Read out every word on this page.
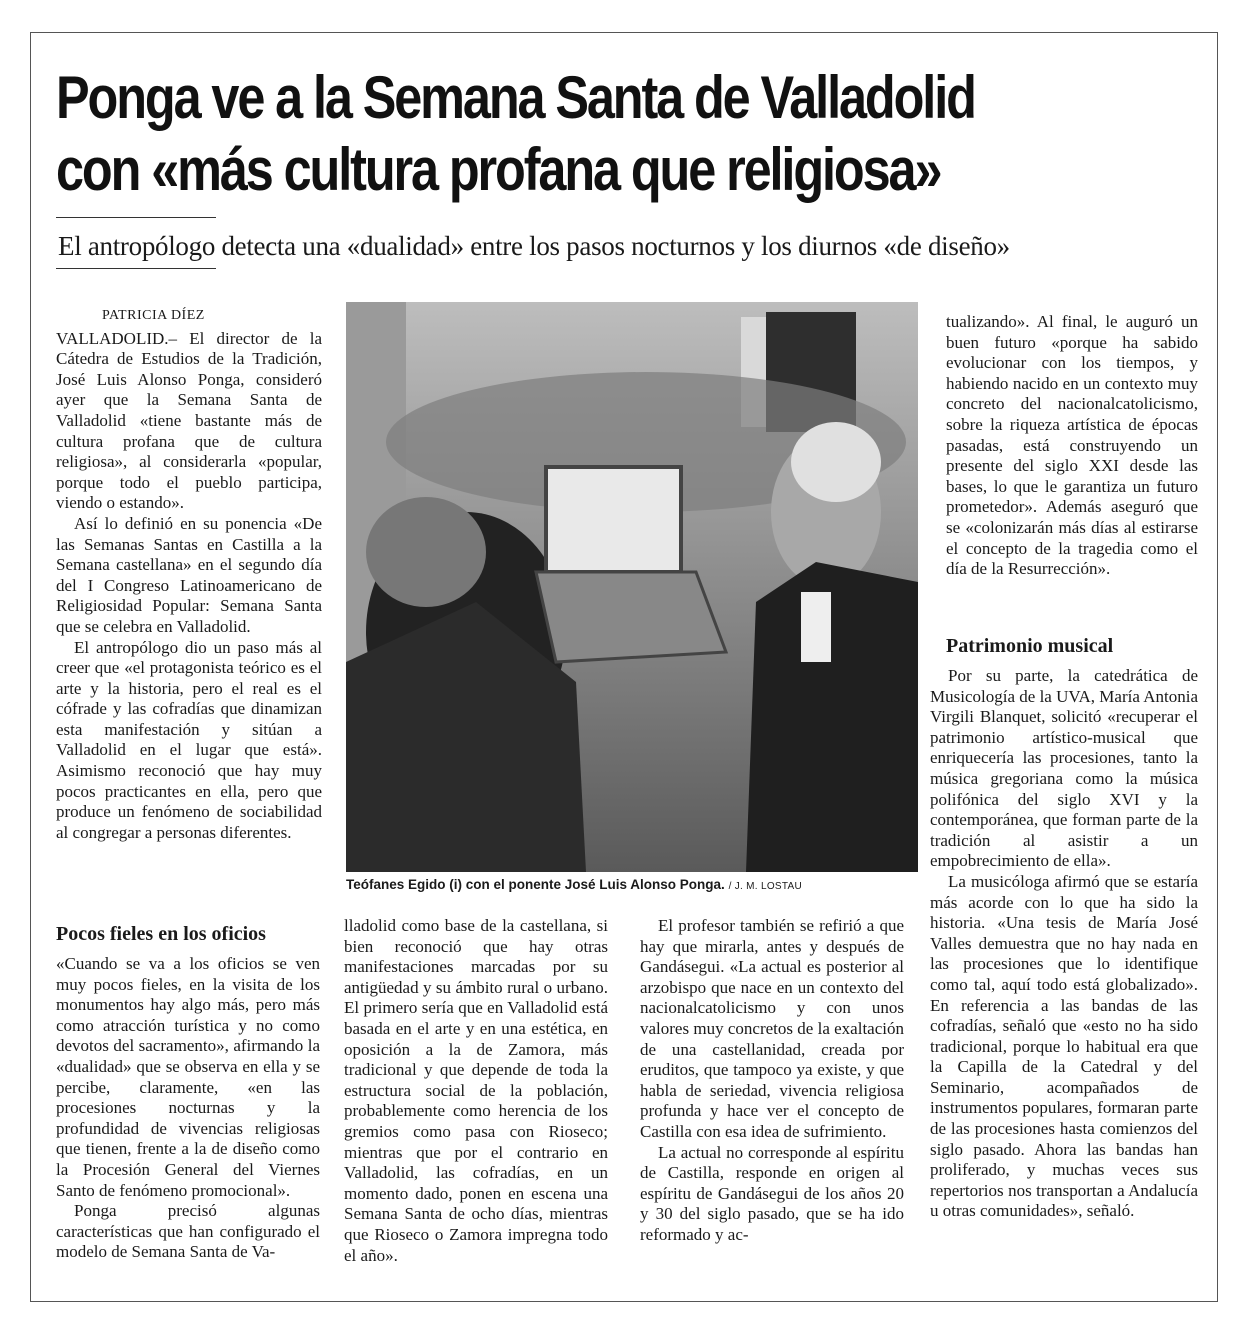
Ponga ve a la Semana Santa de Valladolid
con «más cultura profana que religiosa»
El antropólogo detecta una «dualidad» entre los pasos nocturnos y los diurnos «de diseño»
PATRICIA DÍEZ

VALLADOLID.– El director de la Cátedra de Estudios de la Tradición, José Luis Alonso Ponga, consideró ayer que la Semana Santa de Valladolid «tiene bastante más de cultura profana que de cultura religiosa», al considerarla «popular, porque todo el pueblo participa, viendo o estando».

Así lo definió en su ponencia «De las Semanas Santas en Castilla a la Semana castellana» en el segundo día del I Congreso Latinoamericano de Religiosidad Popular: Semana Santa que se celebra en Valladolid.

El antropólogo dio un paso más al creer que «el protagonista teórico es el arte y la historia, pero el real es el cófrade y las cofradías que dinamizan esta manifestación y sitúan a Valladolid en el lugar que está». Asimismo reconoció que hay muy pocos practicantes en ella, pero que produce un fenómeno de sociabilidad al congregar a personas diferentes.

Teófanes Egido (i) con el ponente José Luis Alonso Ponga. / J. M. LOSTAU

tualizando». Al final, le auguró un buen futuro «porque ha sabido evolucionar con los tiempos, y habiendo nacido en un contexto muy concreto del nacionalcatolicismo, sobre la riqueza artística de épocas pasadas, está construyendo un presente del siglo XXI desde las bases, lo que le garantiza un futuro prometedor». Además aseguró que se «colonizarán más días al estirarse el concepto de la tragedia como el día de la Resurrección».

Patrimonio musical

Por su parte, la catedrática de Musicología de la UVA, María Antonia Virgili Blanquet, solicitó «recuperar el patrimonio artístico-musical que enriquecería las procesiones, tanto la música gregoriana como la música polifónica del siglo XVI y la contemporánea, que forman parte de la tradición al asistir a un empobrecimiento de ella».

La musicóloga afirmó que se estaría más acorde con lo que ha sido la historia. «Una tesis de María José Valles demuestra que no hay nada en las procesiones que lo identifique como tal, aquí todo está globalizado». En referencia a las bandas de las cofradías, señaló que «esto no ha sido tradicional, porque lo habitual era que la Capilla de la Catedral y del Seminario, acompañados de instrumentos populares, formaran parte de las procesiones hasta comienzos del siglo pasado. Ahora las bandas han proliferado, y muchas veces sus repertorios nos transportan a Andalucía u otras comunidades», señaló.

Pocos fieles en los oficios

«Cuando se va a los oficios se ven muy pocos fieles, en la visita de los monumentos hay algo más, pero más como atracción turística y no como devotos del sacramento», afirmando la «dualidad» que se observa en ella y se percibe, claramente, «en las procesiones nocturnas y la profundidad de vivencias religiosas que tienen, frente a la de diseño como la Procesión General del Viernes Santo de fenómeno promocional».

Ponga precisó algunas características que han configurado el modelo de Semana Santa de Va-

lladolid como base de la castellana, si bien reconoció que hay otras manifestaciones marcadas por su antigüedad y su ámbito rural o urbano. El primero sería que en Valladolid está basada en el arte y en una estética, en oposición a la de Zamora, más tradicional y que depende de toda la estructura social de la población, probablemente como herencia de los gremios como pasa con Rioseco; mientras que por el contrario en Valladolid, las cofradías, en un momento dado, ponen en escena una Semana Santa de ocho días, mientras que Rioseco o Zamora impregna todo el año».

El profesor también se refirió a que hay que mirarla, antes y después de Gandásegui. «La actual es posterior al arzobispo que nace en un contexto del nacionalcatolicismo y con unos valores muy concretos de la exaltación de una castellanidad, creada por eruditos, que tampoco ya existe, y que habla de seriedad, vivencia religiosa profunda y hace ver el concepto de Castilla con esa idea de sufrimiento.

La actual no corresponde al espíritu de Castilla, responde en origen al espíritu de Gandásegui de los años 20 y 30 del siglo pasado, que se ha ido reformado y ac-
